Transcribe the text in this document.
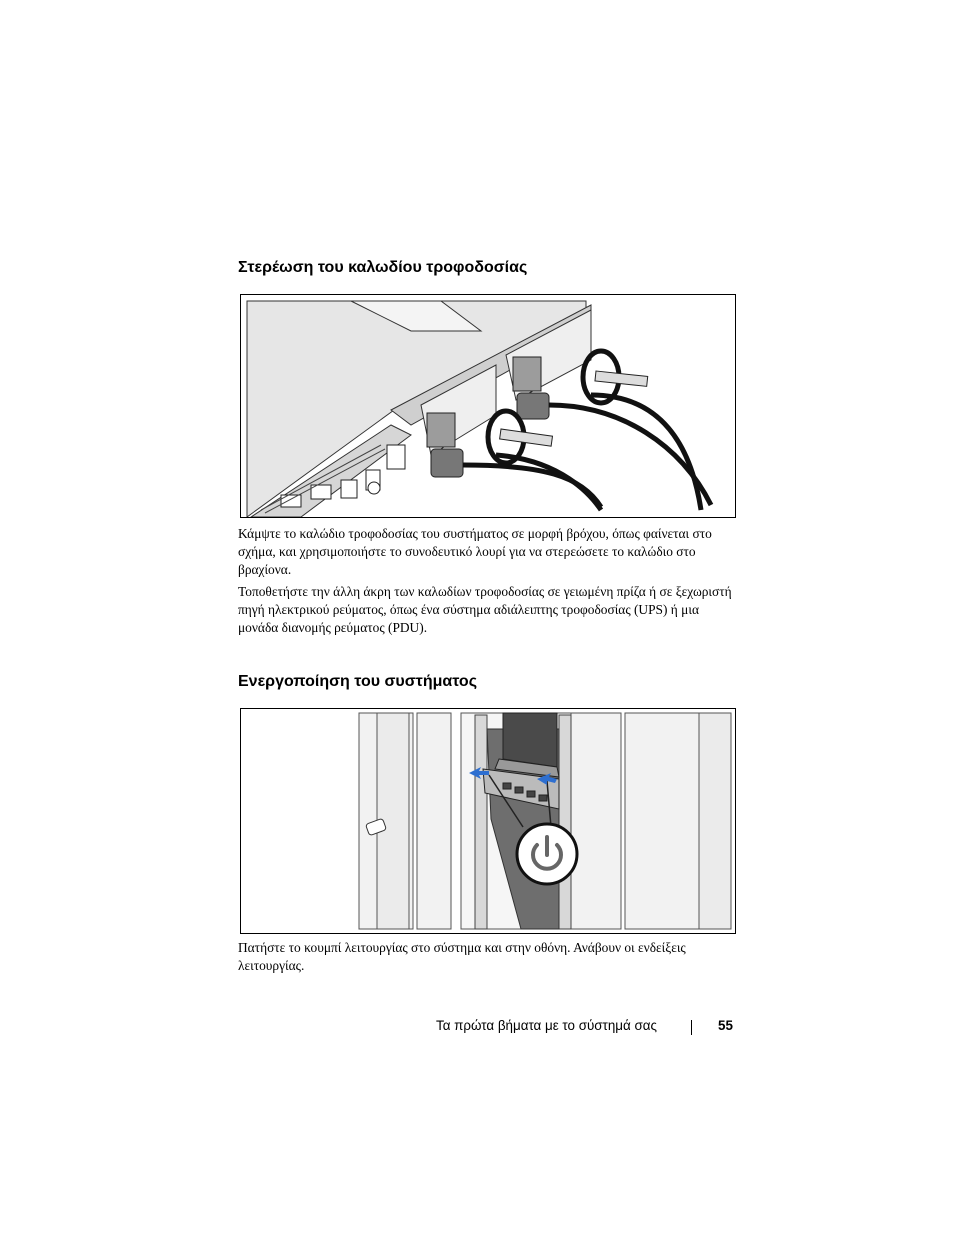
Στερέωση του καλωδίου τροφοδοσίας

Κάμψτε το καλώδιο τροφοδοσίας του συστήματος σε μορφή βρόχου, όπως φαίνεται στο σχήμα, και χρησιμοποιήστε το συνοδευτικό λουρί για να στερεώσετε το καλώδιο στο βραχίονα.

Τοποθετήστε την άλλη άκρη των καλωδίων τροφοδοσίας σε γειωμένη πρίζα ή σε ξεχωριστή πηγή ηλεκτρικού ρεύματος, όπως ένα σύστημα αδιάλειπτης τροφοδοσίας (UPS) ή μια μονάδα διανομής ρεύματος (PDU).

Ενεργοποίηση του συστήματος

Πατήστε το κουμπί λειτουργίας στο σύστημα και στην οθόνη. Ανάβουν οι ενδείξεις λειτουργίας.

Τα πρώτα βήματα με το σύστημά σας	55
